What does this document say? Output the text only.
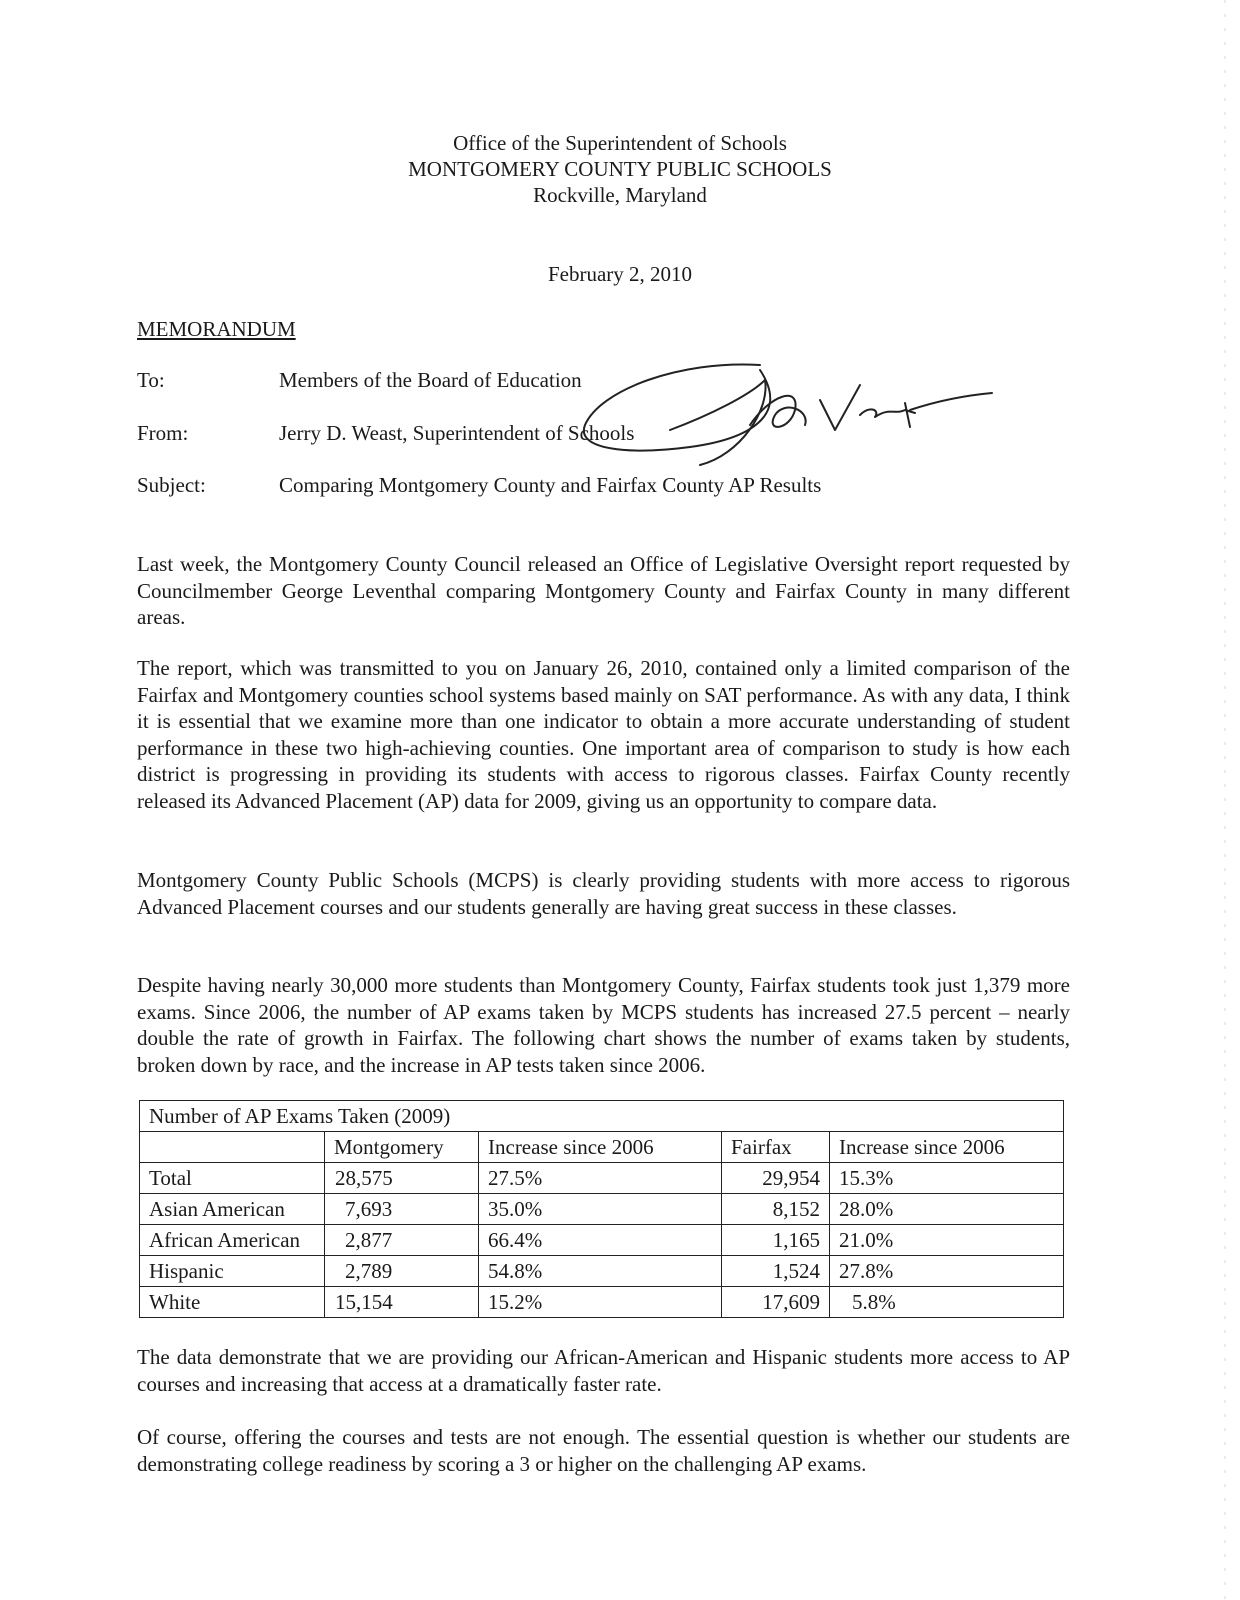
Office of the Superintendent of Schools
MONTGOMERY COUNTY PUBLIC SCHOOLS
Rockville, Maryland
February 2, 2010
MEMORANDUM
To:	Members of the Board of Education
From:	Jerry D. Weast, Superintendent of Schools
Subject:	Comparing Montgomery County and Fairfax County AP Results

Last week, the Montgomery County Council released an Office of Legislative Oversight report requested by Councilmember George Leventhal comparing Montgomery County and Fairfax County in many different areas.

The report, which was transmitted to you on January 26, 2010, contained only a limited comparison of the Fairfax and Montgomery counties school systems based mainly on SAT performance. As with any data, I think it is essential that we examine more than one indicator to obtain a more accurate understanding of student performance in these two high-achieving counties. One important area of comparison to study is how each district is progressing in providing its students with access to rigorous classes. Fairfax County recently released its Advanced Placement (AP) data for 2009, giving us an opportunity to compare data.

Montgomery County Public Schools (MCPS) is clearly providing students with more access to rigorous Advanced Placement courses and our students generally are having great success in these classes.

Despite having nearly 30,000 more students than Montgomery County, Fairfax students took just 1,379 more exams. Since 2006, the number of AP exams taken by MCPS students has increased 27.5 percent – nearly double the rate of growth in Fairfax. The following chart shows the number of exams taken by students, broken down by race, and the increase in AP tests taken since 2006.

Number of AP Exams Taken (2009)				
	Montgomery	Increase since 2006	Fairfax	Increase since 2006
Total	28,575	27.5%	29,954	15.3%
Asian American	7,693	35.0%	8,152	28.0%
African American	2,877	66.4%	1,165	21.0%
Hispanic	2,789	54.8%	1,524	27.8%
White	15,154	15.2%	17,609	5.8%

The data demonstrate that we are providing our African-American and Hispanic students more access to AP courses and increasing that access at a dramatically faster rate.

Of course, offering the courses and tests are not enough. The essential question is whether our students are demonstrating college readiness by scoring a 3 or higher on the challenging AP exams.
